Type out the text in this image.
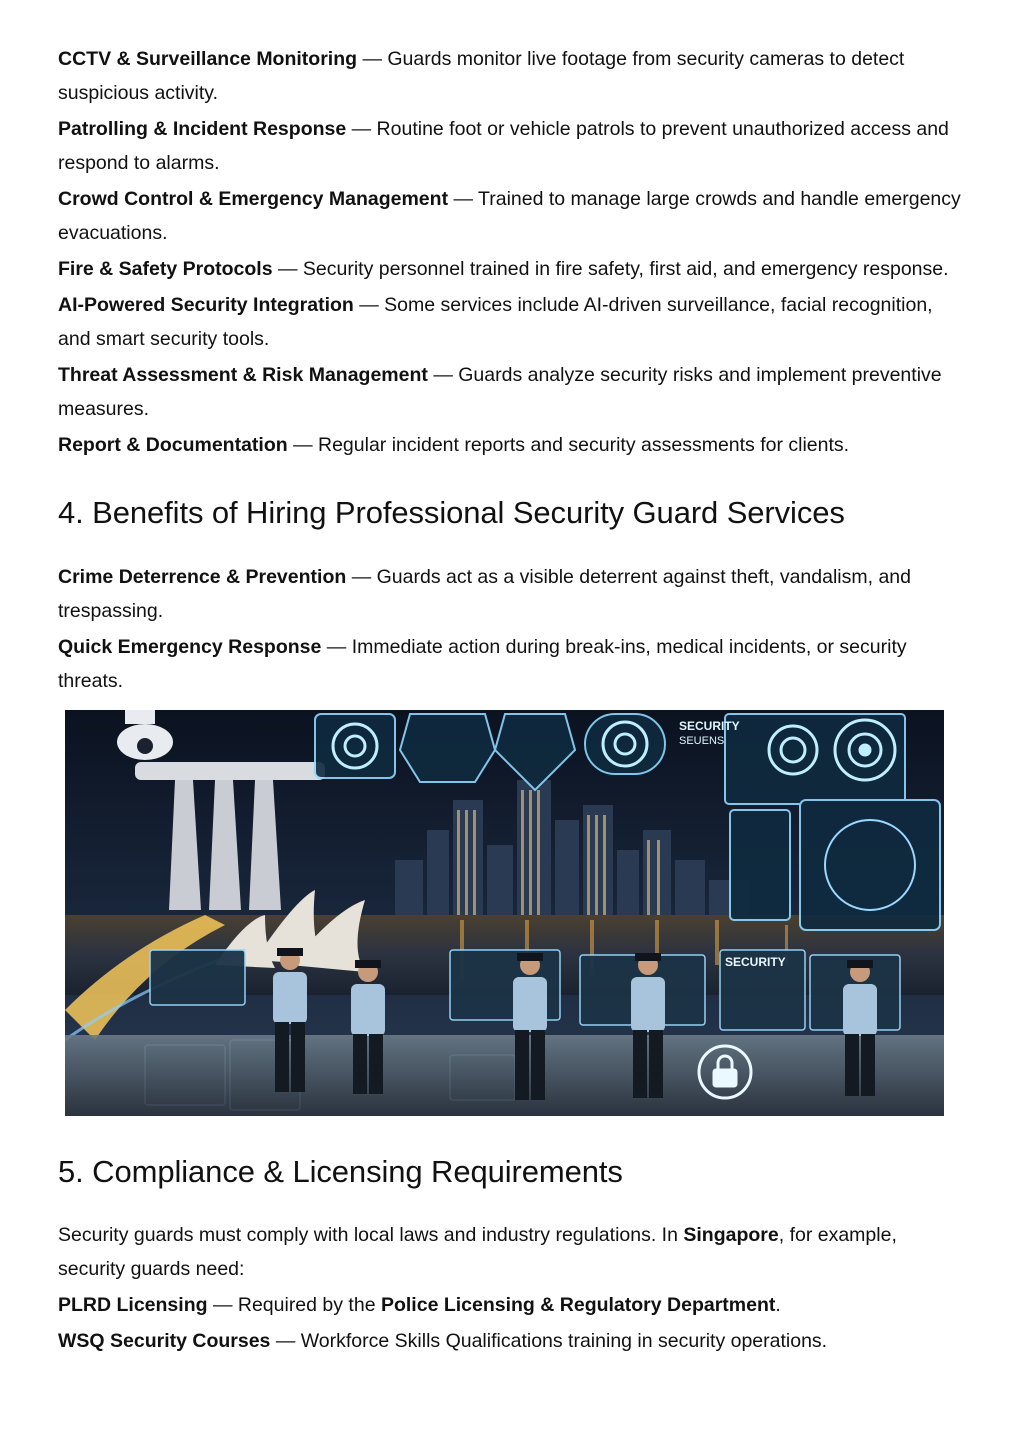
CCTV & Surveillance Monitoring — Guards monitor live footage from security cameras to detect suspicious activity.

Patrolling & Incident Response — Routine foot or vehicle patrols to prevent unauthorized access and respond to alarms.

Crowd Control & Emergency Management — Trained to manage large crowds and handle emergency evacuations.

Fire & Safety Protocols — Security personnel trained in fire safety, first aid, and emergency response.

AI-Powered Security Integration — Some services include AI-driven surveillance, facial recognition, and smart security tools.

Threat Assessment & Risk Management — Guards analyze security risks and implement preventive measures.

Report & Documentation — Regular incident reports and security assessments for clients.

4. Benefits of Hiring Professional Security Guard Services

Crime Deterrence & Prevention — Guards act as a visible deterrent against theft, vandalism, and trespassing.

Quick Emergency Response — Immediate action during break-ins, medical incidents, or security threats.

SECURITY
SEUENS
SECURITY
5. Compliance & Licensing Requirements

Security guards must comply with local laws and industry regulations. In Singapore, for example, security guards need:

PLRD Licensing — Required by the Police Licensing & Regulatory Department.

WSQ Security Courses — Workforce Skills Qualifications training in security operations.
